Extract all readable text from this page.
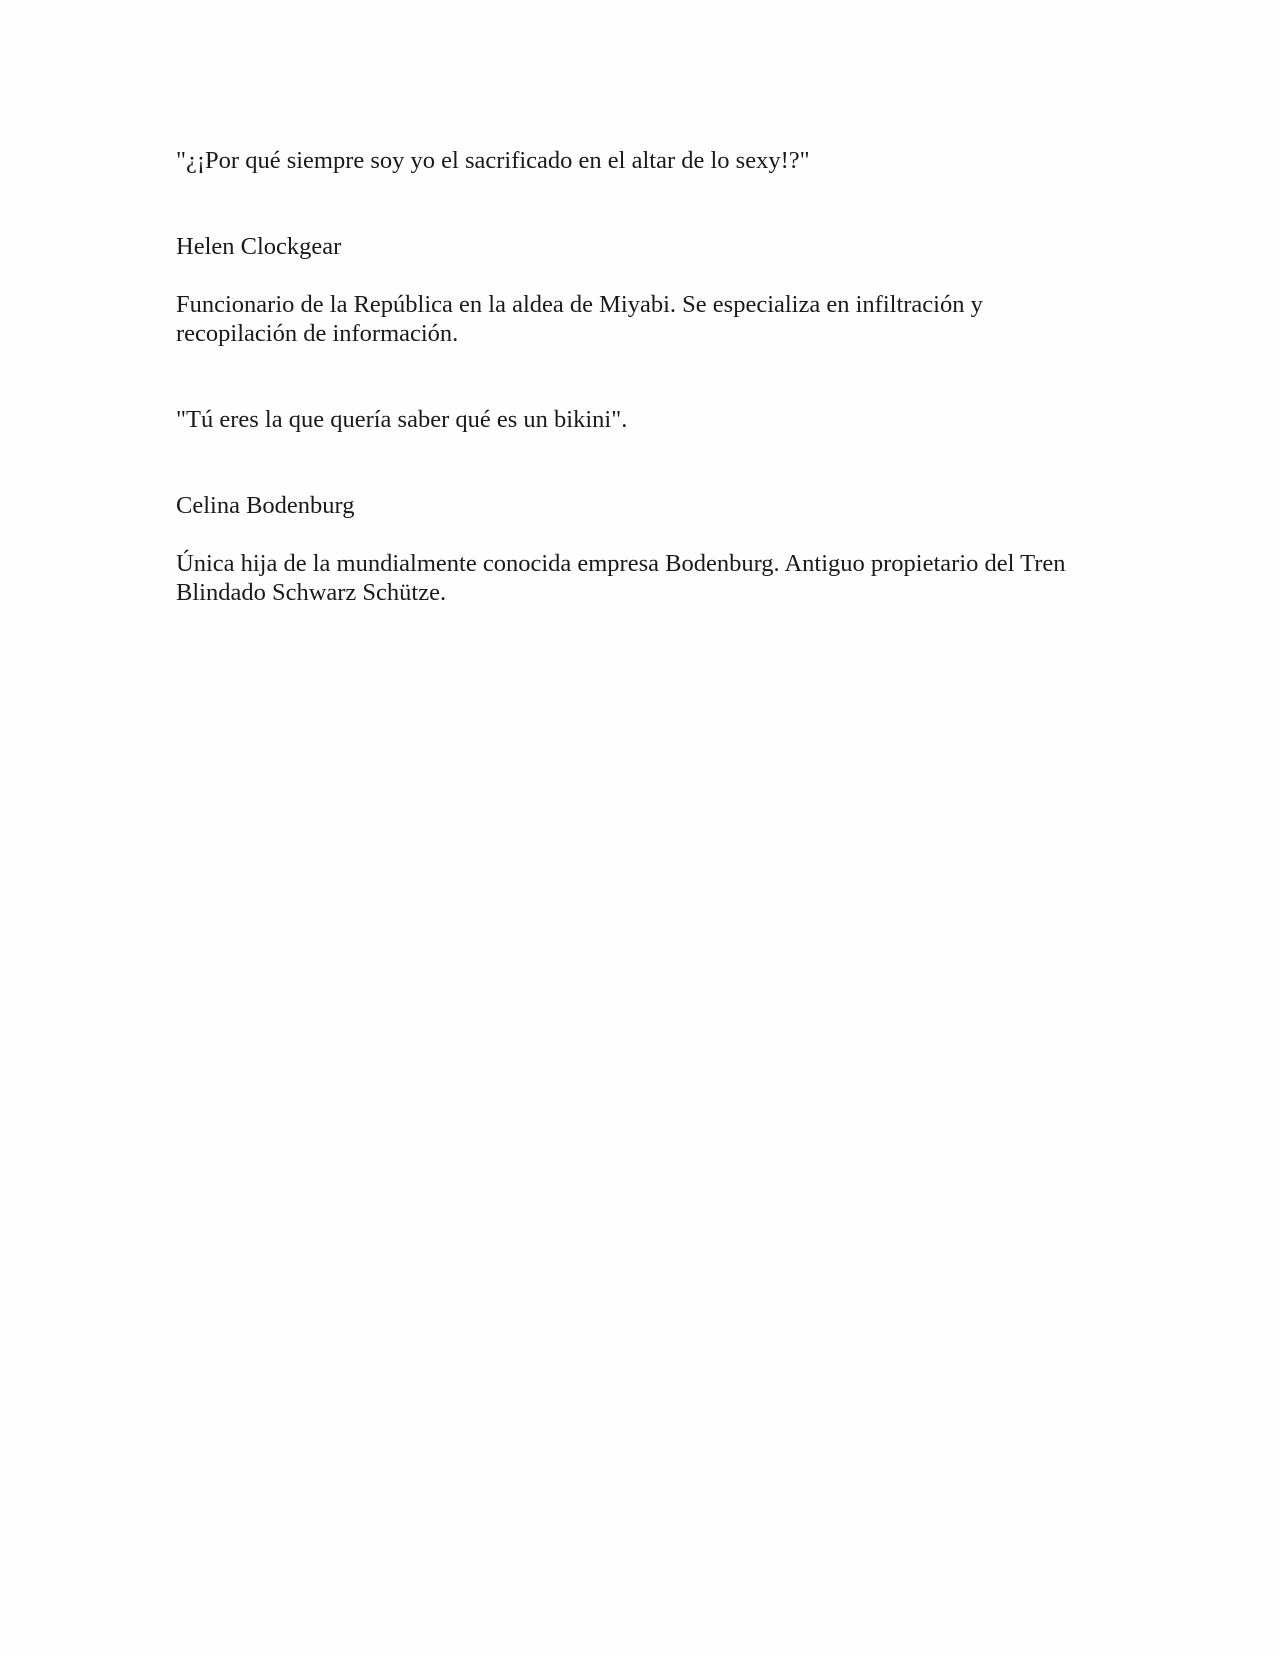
"¿¡Por qué siempre soy yo el sacrificado en el altar de lo sexy!?"

Helen Clockgear

Funcionario de la República en la aldea de Miyabi. Se especializa en infiltración y recopilación de información.

"Tú eres la que quería saber qué es un bikini".

Celina Bodenburg

Única hija de la mundialmente conocida empresa Bodenburg. Antiguo propietario del Tren Blindado Schwarz Schütze.
